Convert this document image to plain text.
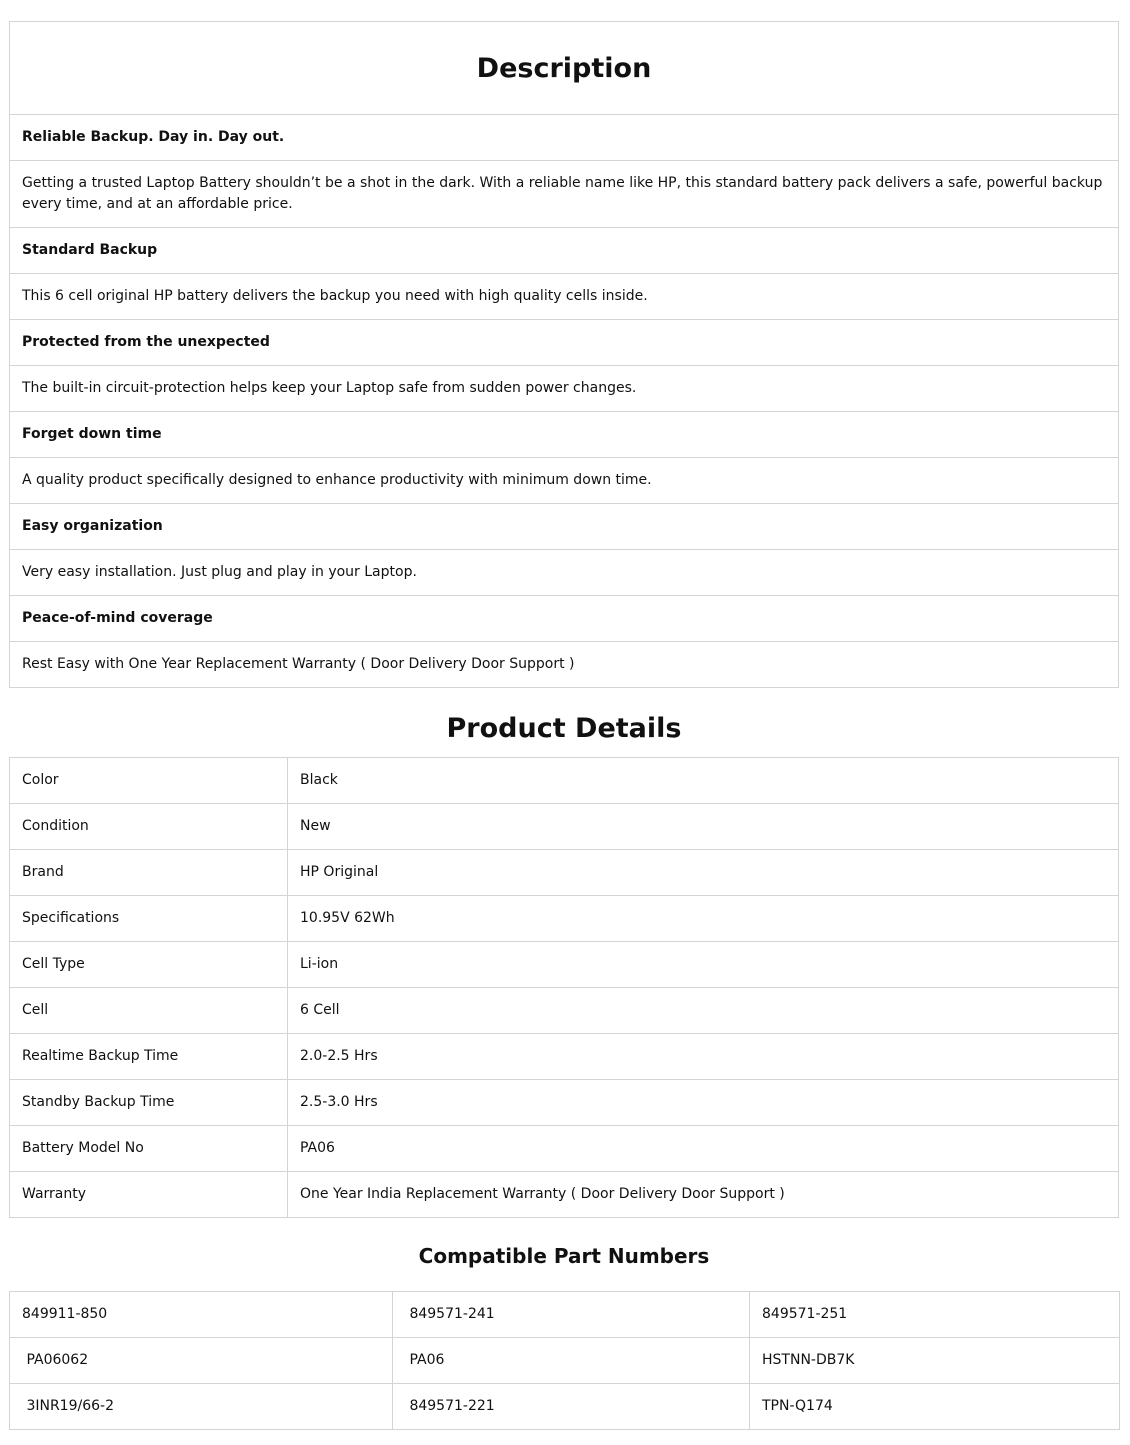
Description
Reliable Backup. Day in. Day out.
Getting a trusted Laptop Battery shouldn’t be a shot in the dark. With a reliable name like HP, this standard battery pack delivers a safe, powerful backup every time, and at an affordable price.
Standard Backup
This 6 cell original HP battery delivers the backup you need with high quality cells inside.
Protected from the unexpected
The built-in circuit-protection helps keep your Laptop safe from sudden power changes.
Forget down time
A quality product specifically designed to enhance productivity with minimum down time.
Easy organization
Very easy installation. Just plug and play in your Laptop.
Peace-of-mind coverage
Rest Easy with One Year Replacement Warranty ( Door Delivery Door Support )
Product Details
Color	Black
Condition	New
Brand	HP Original
Specifications	10.95V 62Wh
Cell Type	Li-ion
Cell	6 Cell
Realtime Backup Time	2.0-2.5 Hrs
Standby Backup Time	2.5-3.0 Hrs
Battery Model No	PA06
Warranty	One Year India Replacement Warranty ( Door Delivery Door Support )
Compatible Part Numbers
849911-850	849571-241	849571-251
PA06062	PA06	HSTNN-DB7K
3INR19/66-2	849571-221	TPN-Q174
